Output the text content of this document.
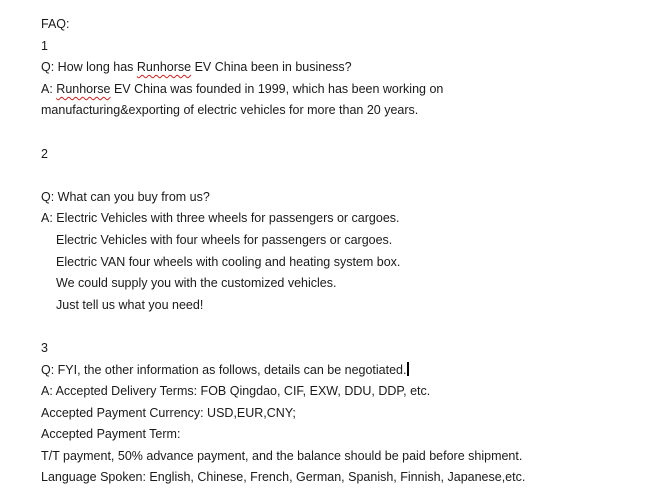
FAQ:
1
Q: How long has Runhorse EV China been in business?
A: Runhorse EV China was founded in 1999, which has been working on
manufacturing&exporting of electric vehicles for more than 20 years.
2
Q: What can you buy from us?
A: Electric Vehicles with three wheels for passengers or cargoes.
Electric Vehicles with four wheels for passengers or cargoes.
Electric VAN four wheels with cooling and heating system box.
We could supply you with the customized vehicles.
Just tell us what you need!
3
Q: FYI, the other information as follows, details can be negotiated.
A: Accepted Delivery Terms: FOB Qingdao, CIF, EXW, DDU, DDP, etc.
Accepted Payment Currency: USD,EUR,CNY;
Accepted Payment Term:
T/T payment, 50% advance payment, and the balance should be paid before shipment.
Language Spoken: English, Chinese, French, German, Spanish, Finnish, Japanese,etc.
